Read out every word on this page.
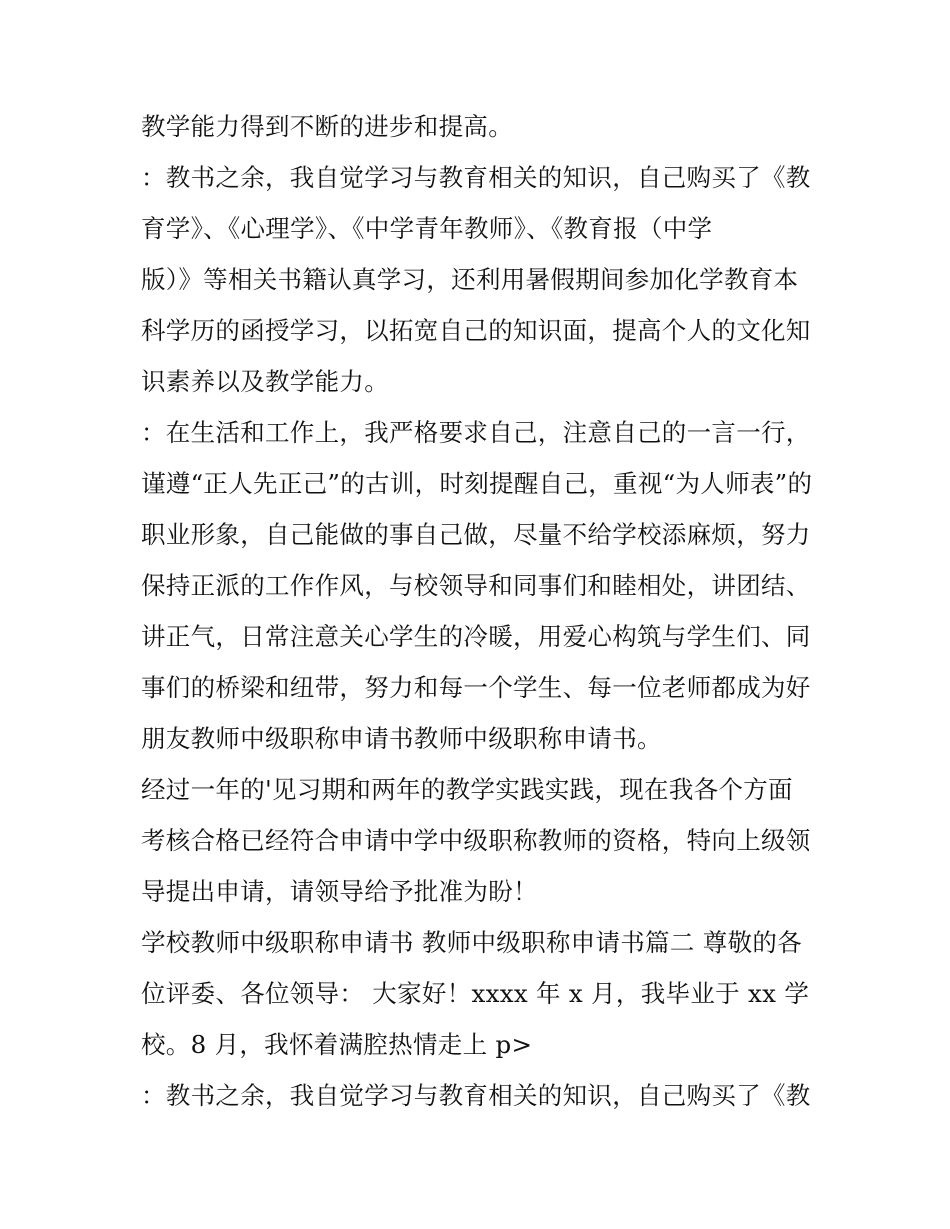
教学能力得到不断的进步和提高。
：教书之余，我自觉学习与教育相关的知识，自己购买了《教
育学》、《心理学》、《中学青年教师》、《教育报（中学
版）》等相关书籍认真学习，还利用暑假期间参加化学教育本
科学历的函授学习，以拓宽自己的知识面，提高个人的文化知
识素养以及教学能力。
：在生活和工作上，我严格要求自己，注意自己的一言一行，
谨遵“正人先正己”的古训，时刻提醒自己，重视“为人师表”的
职业形象，自己能做的事自己做，尽量不给学校添麻烦，努力
保持正派的工作作风，与校领导和同事们和睦相处，讲团结、
讲正气，日常注意关心学生的冷暖，用爱心构筑与学生们、同
事们的桥梁和纽带，努力和每一个学生、每一位老师都成为好
朋友教师中级职称申请书教师中级职称申请书。
经过一年的'见习期和两年的教学实践实践，现在我各个方面
考核合格已经符合申请中学中级职称教师的资格，特向上级领
导提出申请，请领导给予批准为盼！
学校教师中级职称申请书 教师中级职称申请书篇二 尊敬的各
位评委、各位领导： 大家好！xxxx 年 x 月，我毕业于 xx 学
校。8 月，我怀着满腔热情走上 p>
：教书之余，我自觉学习与教育相关的知识，自己购买了《教
